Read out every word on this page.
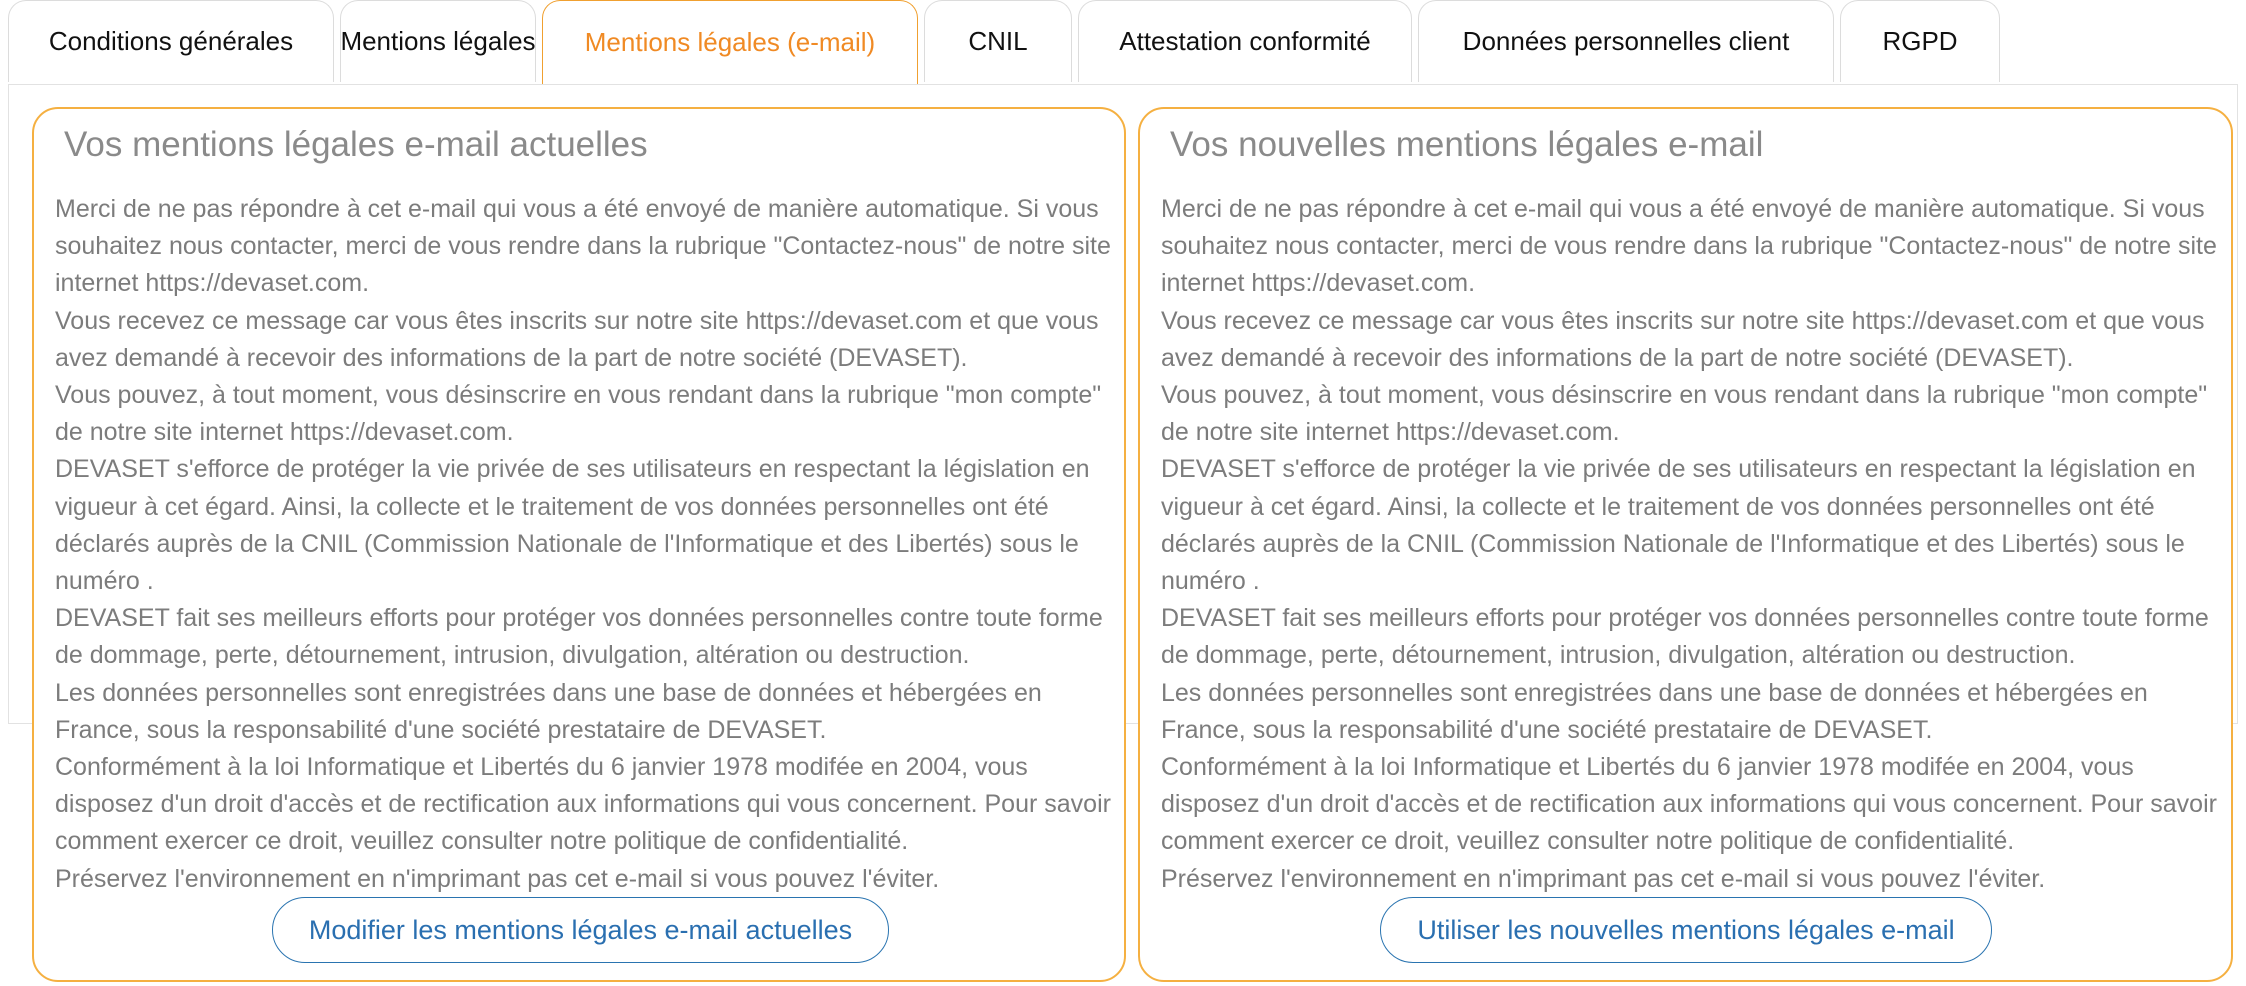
Conditions générales	Mentions légales	Mentions légales (e-mail)	CNIL	Attestation conformité	Données personnelles client	RGPD
Vos mentions légales e-mail actuelles
Merci de ne pas répondre à cet e-mail qui vous a été envoyé de manière automatique. Si vous souhaitez nous contacter, merci de vous rendre dans la rubrique "Contactez-nous" de notre site internet https://devaset.com.
Vous recevez ce message car vous êtes inscrits sur notre site https://devaset.com et que vous avez demandé à recevoir des informations de la part de notre société (DEVASET).
Vous pouvez, à tout moment, vous désinscrire en vous rendant dans la rubrique "mon compte" de notre site internet https://devaset.com.
DEVASET s'efforce de protéger la vie privée de ses utilisateurs en respectant la législation en vigueur à cet égard. Ainsi, la collecte et le traitement de vos données personnelles ont été déclarés auprès de la CNIL (Commission Nationale de l'Informatique et des Libertés) sous le numéro .
DEVASET fait ses meilleurs efforts pour protéger vos données personnelles contre toute forme de dommage, perte, détournement, intrusion, divulgation, altération ou destruction.
Les données personnelles sont enregistrées dans une base de données et hébergées en France, sous la responsabilité d'une société prestataire de DEVASET.
Conformément à la loi Informatique et Libertés du 6 janvier 1978 modifée en 2004, vous disposez d'un droit d'accès et de rectification aux informations qui vous concernent. Pour savoir comment exercer ce droit, veuillez consulter notre politique de confidentialité.
Préservez l'environnement en n'imprimant pas cet e-mail si vous pouvez l'éviter.
Modifier les mentions légales e-mail actuelles
Vos nouvelles mentions légales e-mail
Merci de ne pas répondre à cet e-mail qui vous a été envoyé de manière automatique. Si vous souhaitez nous contacter, merci de vous rendre dans la rubrique "Contactez-nous" de notre site internet https://devaset.com.
Vous recevez ce message car vous êtes inscrits sur notre site https://devaset.com et que vous avez demandé à recevoir des informations de la part de notre société (DEVASET).
Vous pouvez, à tout moment, vous désinscrire en vous rendant dans la rubrique "mon compte" de notre site internet https://devaset.com.
DEVASET s'efforce de protéger la vie privée de ses utilisateurs en respectant la législation en vigueur à cet égard. Ainsi, la collecte et le traitement de vos données personnelles ont été déclarés auprès de la CNIL (Commission Nationale de l'Informatique et des Libertés) sous le numéro .
DEVASET fait ses meilleurs efforts pour protéger vos données personnelles contre toute forme de dommage, perte, détournement, intrusion, divulgation, altération ou destruction.
Les données personnelles sont enregistrées dans une base de données et hébergées en France, sous la responsabilité d'une société prestataire de DEVASET.
Conformément à la loi Informatique et Libertés du 6 janvier 1978 modifée en 2004, vous disposez d'un droit d'accès et de rectification aux informations qui vous concernent. Pour savoir comment exercer ce droit, veuillez consulter notre politique de confidentialité.
Préservez l'environnement en n'imprimant pas cet e-mail si vous pouvez l'éviter.
Utiliser les nouvelles mentions légales e-mail
